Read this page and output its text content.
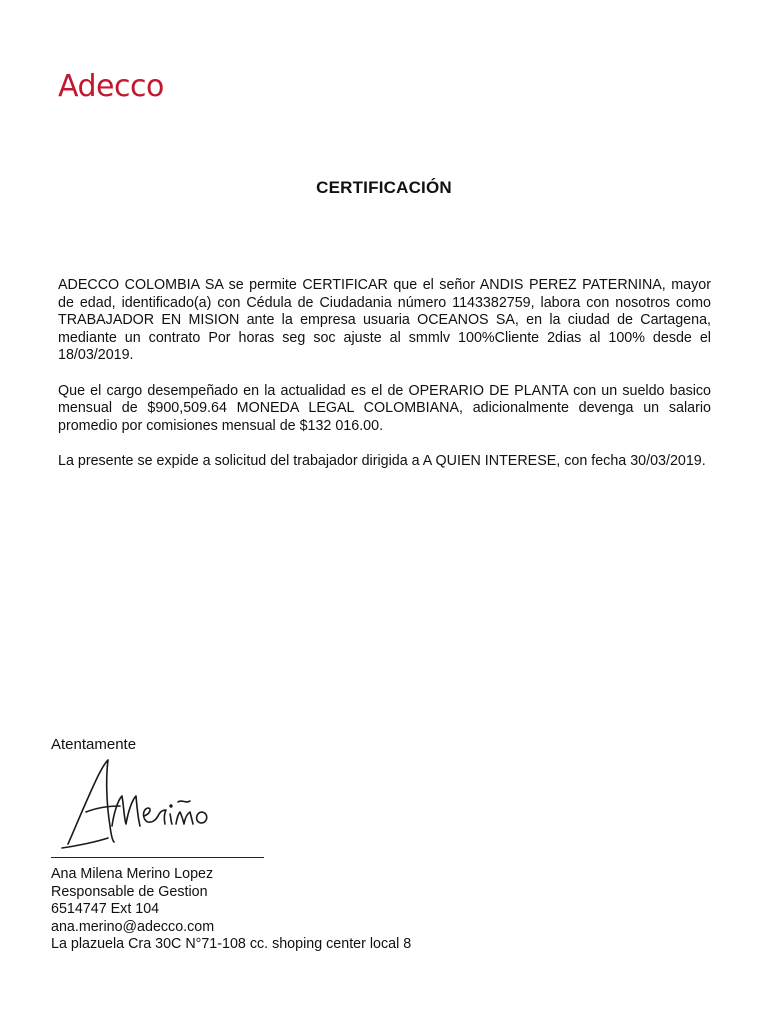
Adecco
CERTIFICACIÓN

ADECCO COLOMBIA SA se permite CERTIFICAR que el señor ANDIS PEREZ PATERNINA, mayor de edad, identificado(a) con Cédula de Ciudadania número 1143382759, labora con nosotros como TRABAJADOR EN MISION ante la empresa usuaria OCEANOS SA, en la ciudad de Cartagena, mediante un contrato Por horas seg soc ajuste al smmlv 100%Cliente 2dias al 100% desde el 18/03/2019.

Que el cargo desempeñado en la actualidad es el de OPERARIO DE PLANTA con un sueldo basico mensual de $900,509.64 MONEDA LEGAL COLOMBIANA, adicionalmente devenga un salario promedio por comisiones mensual de $132 016.00.

La presente se expide a solicitud del trabajador dirigida a A QUIEN INTERESE, con fecha 30/03/2019.

Atentamente
Ana Milena Merino Lopez
Responsable de Gestion
6514747 Ext 104
ana.merino@adecco.com
La plazuela Cra 30C N°71-108 cc. shoping center local 8
